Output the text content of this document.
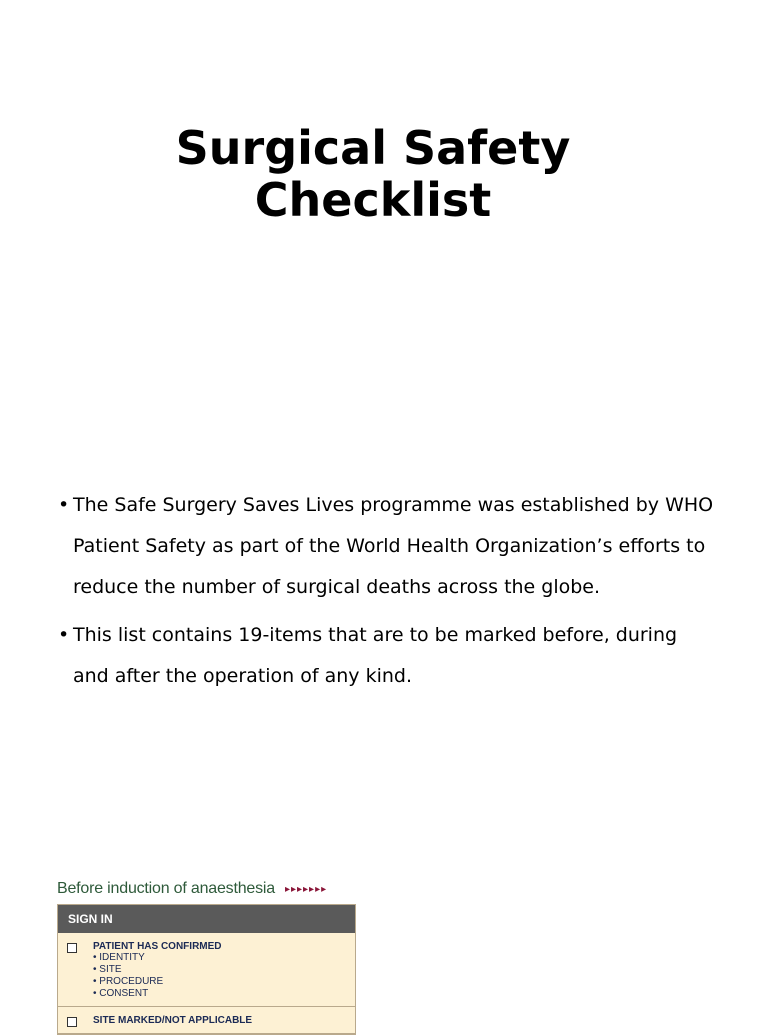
Surgical Safety
Checklist
• The Safe Surgery Saves Lives programme was established by WHO Patient Safety as part of the World Health Organization’s efforts to reduce the number of surgical deaths across the globe.
• This list contains 19-items that are to be marked before, during and after the operation of any kind.
Before induction of anaesthesia ▸▸▸▸▸▸▸
SIGN IN
PATIENT HAS CONFIRMED
• IDENTITY
• SITE
• PROCEDURE
• CONSENT
SITE MARKED/NOT APPLICABLE
